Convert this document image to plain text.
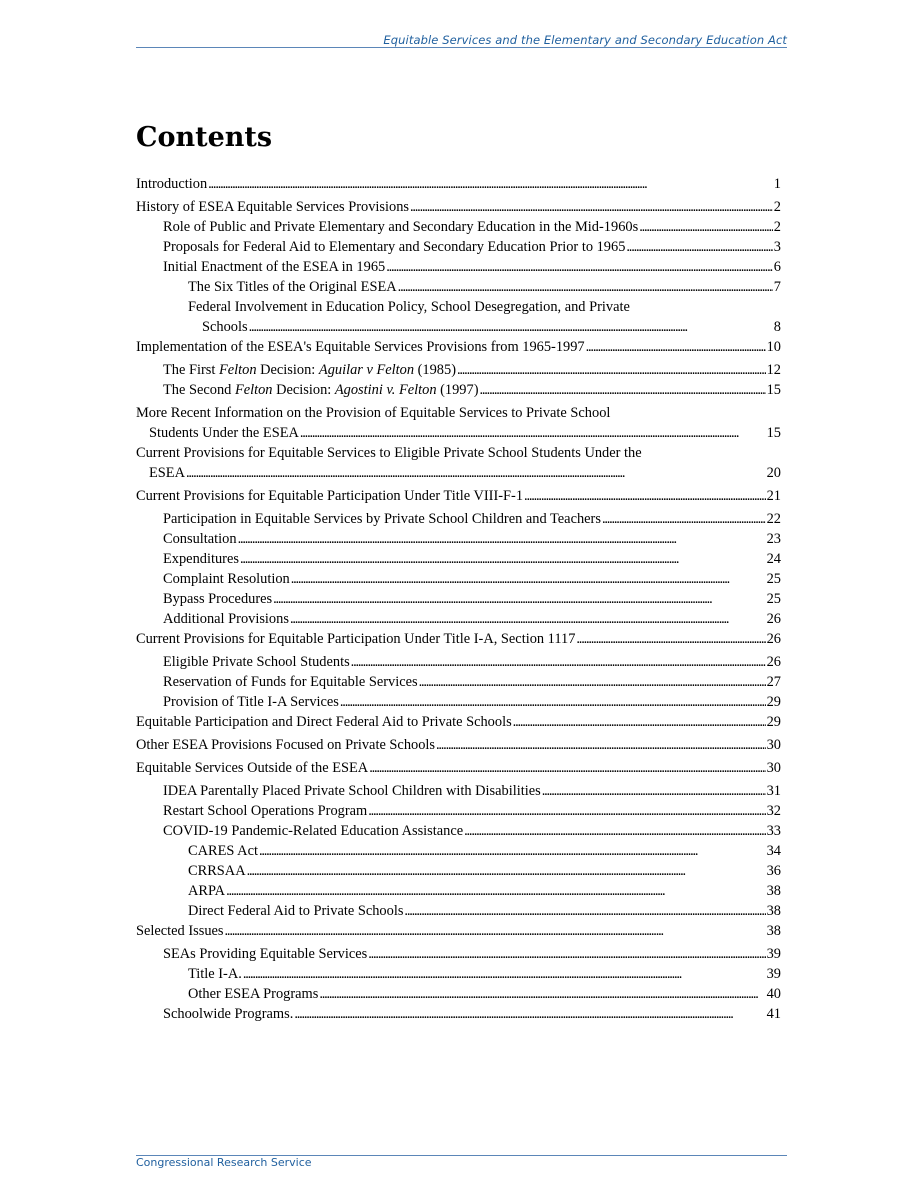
Equitable Services and the Elementary and Secondary Education Act
Contents
Introduction . . .	1
History of ESEA Equitable Services Provisions . . .	2
Role of Public and Private Elementary and Secondary Education in the Mid-1960s . . .	2
Proposals for Federal Aid to Elementary and Secondary Education Prior to 1965 . . .	3
Initial Enactment of the ESEA in 1965 . . .	6
The Six Titles of the Original ESEA . . .	7
Federal Involvement in Education Policy, School Desegregation, and Private
Schools . . .	8
Implementation of the ESEA's Equitable Services Provisions from 1965-1997 . . .	10
The First Felton Decision: Aguilar v Felton (1985) . . .	12
The Second Felton Decision: Agostini v. Felton (1997) . . .	15
More Recent Information on the Provision of Equitable Services to Private School
Students Under the ESEA . . .	15
Current Provisions for Equitable Services to Eligible Private School Students Under the
ESEA . . .	20
Current Provisions for Equitable Participation Under Title VIII-F-1 . . .	21
Participation in Equitable Services by Private School Children and Teachers . . .	22
Consultation . . .	23
Expenditures . . .	24
Complaint Resolution . . .	25
Bypass Procedures . . .	25
Additional Provisions . . .	26
Current Provisions for Equitable Participation Under Title I-A, Section 1117 . . .	26
Eligible Private School Students . . .	26
Reservation of Funds for Equitable Services . . .	27
Provision of Title I-A Services . . .	29
Equitable Participation and Direct Federal Aid to Private Schools . . .	29
Other ESEA Provisions Focused on Private Schools . . .	30
Equitable Services Outside of the ESEA . . .	30
IDEA Parentally Placed Private School Children with Disabilities . . .	31
Restart School Operations Program . . .	32
COVID-19 Pandemic-Related Education Assistance . . .	33
CARES Act . . .	34
CRRSAA . . .	36
ARPA . . .	38
Direct Federal Aid to Private Schools . . .	38
Selected Issues . . .	38
SEAs Providing Equitable Services . . .	39
Title I-A. . . .	39
Other ESEA Programs . . .	40
Schoolwide Programs. . . .	41
Congressional Research Service
